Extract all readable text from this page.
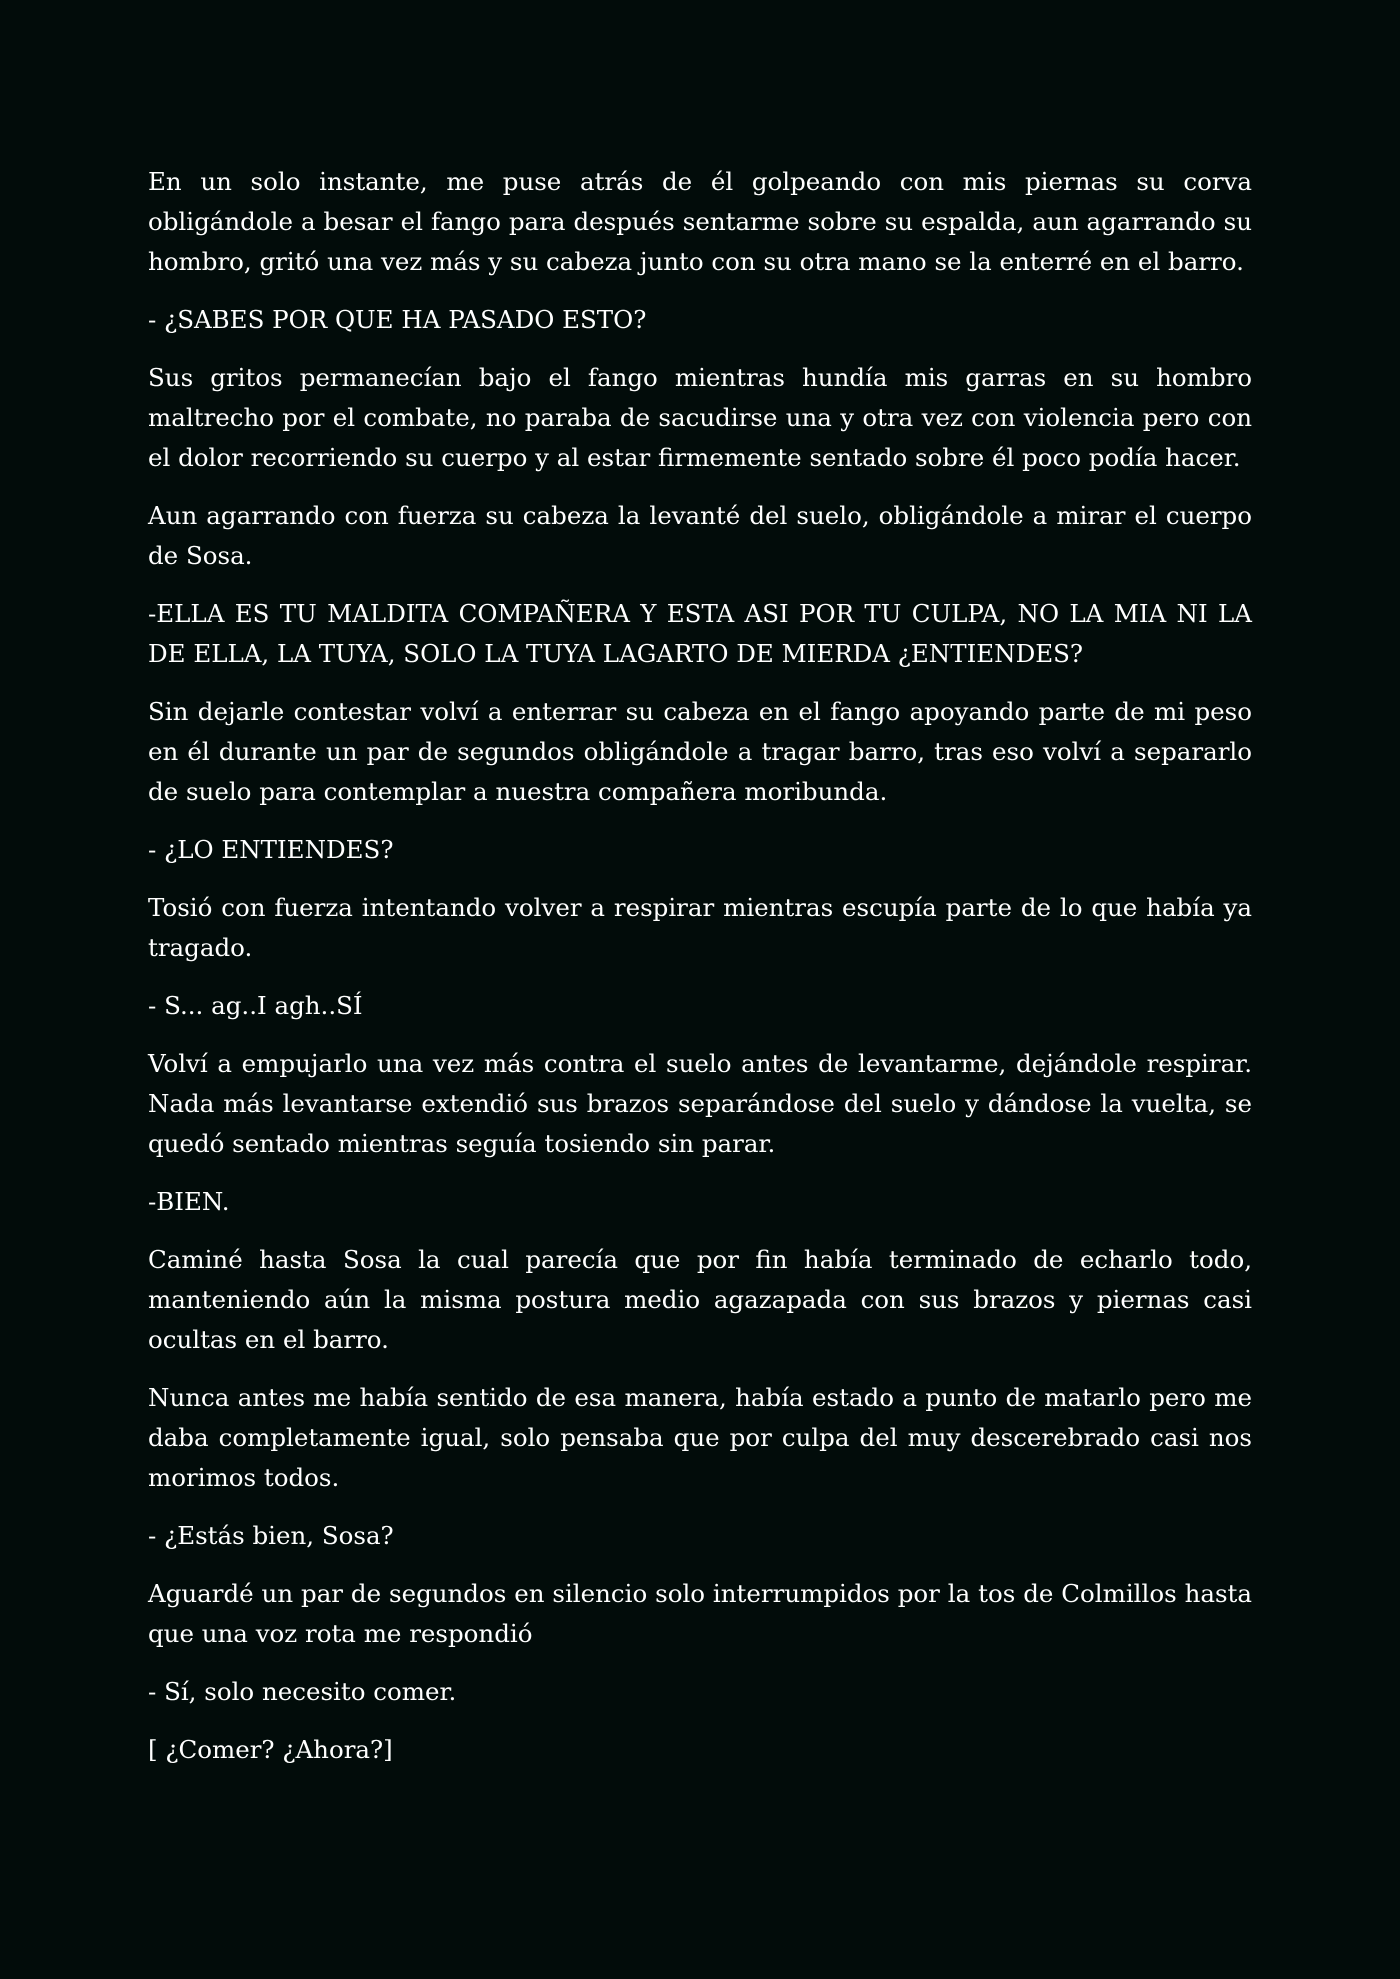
En un solo instante, me puse atrás de él golpeando con mis piernas su corva obligándole a besar el fango para después sentarme sobre su espalda, aun agarrando su hombro, gritó una vez más y su cabeza junto con su otra mano se la enterré en el barro.

- ¿SABES POR QUE HA PASADO ESTO?

Sus gritos permanecían bajo el fango mientras hundía mis garras en su hombro maltrecho por el combate, no paraba de sacudirse una y otra vez con violencia pero con el dolor recorriendo su cuerpo y al estar firmemente sentado sobre él poco podía hacer.

Aun agarrando con fuerza su cabeza la levanté del suelo, obligándole a mirar el cuerpo de Sosa.

-ELLA ES TU MALDITA COMPAÑERA Y ESTA ASI POR TU CULPA, NO LA MIA NI LA DE ELLA, LA TUYA, SOLO LA TUYA LAGARTO DE MIERDA ¿ENTIENDES?

Sin dejarle contestar volví a enterrar su cabeza en el fango apoyando parte de mi peso en él durante un par de segundos obligándole a tragar barro, tras eso volví a separarlo de suelo para contemplar a nuestra compañera moribunda.

- ¿LO ENTIENDES?

Tosió con fuerza intentando volver a respirar mientras escupía parte de lo que había ya tragado.

- S... ag..I agh..SÍ

Volví a empujarlo una vez más contra el suelo antes de levantarme, dejándole respirar. Nada más levantarse extendió sus brazos separándose del suelo y dándose la vuelta, se quedó sentado mientras seguía tosiendo sin parar.

-BIEN.

Caminé hasta Sosa la cual parecía que por fin había terminado de echarlo todo, manteniendo aún la misma postura medio agazapada con sus brazos y piernas casi ocultas en el barro.

Nunca antes me había sentido de esa manera, había estado a punto de matarlo pero me daba completamente igual, solo pensaba que por culpa del muy descerebrado casi nos morimos todos.

- ¿Estás bien, Sosa?

Aguardé un par de segundos en silencio solo interrumpidos por la tos de Colmillos hasta que una voz rota me respondió

- Sí, solo necesito comer.

[ ¿Comer? ¿Ahora?]
